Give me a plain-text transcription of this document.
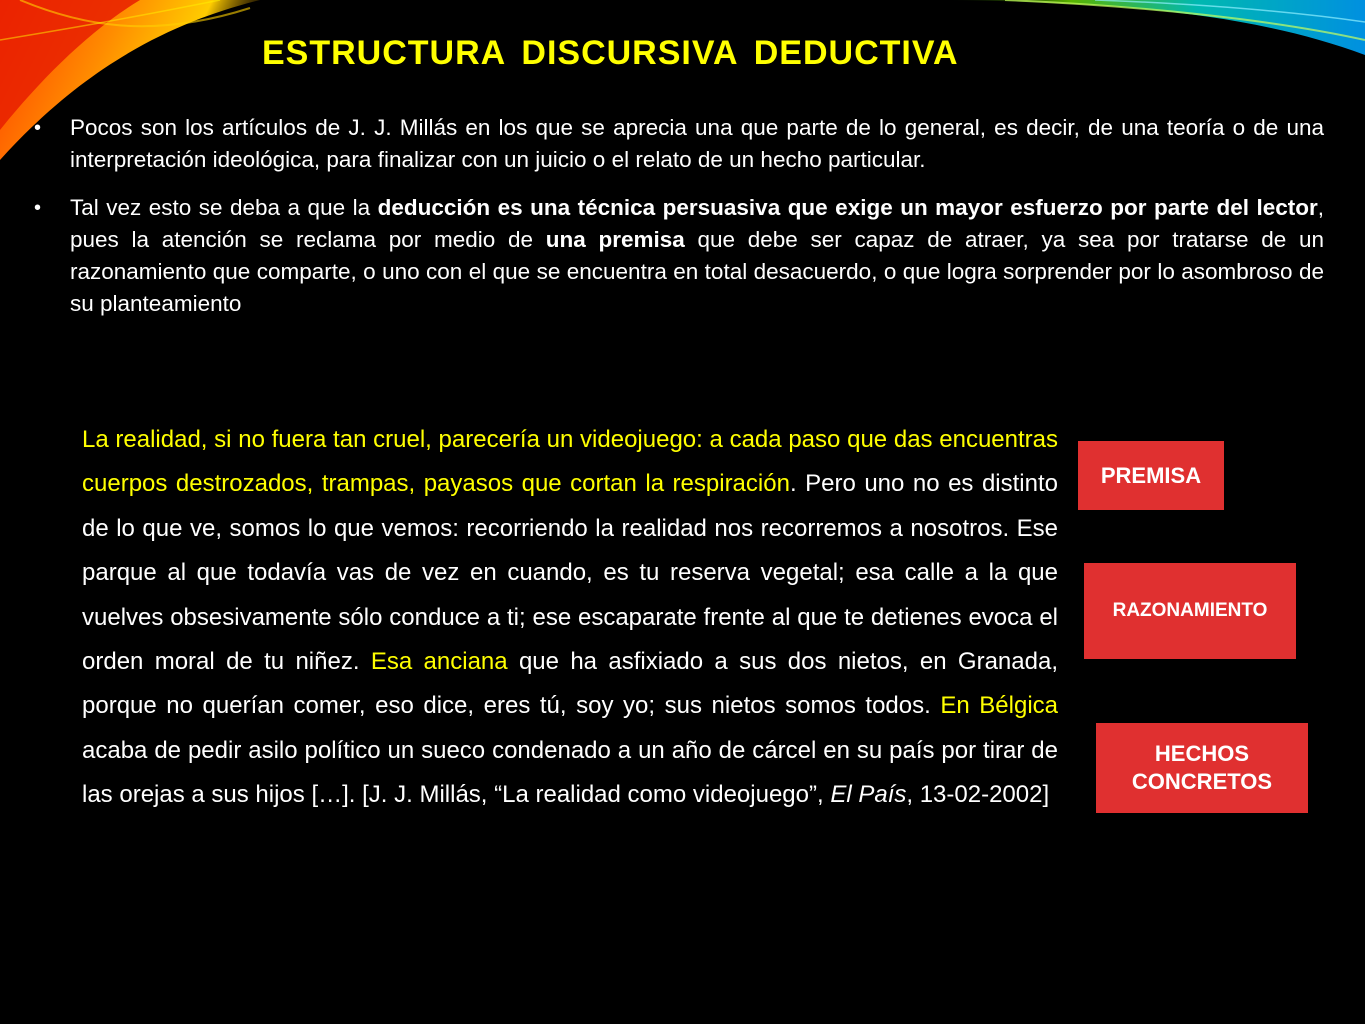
ESTRUCTURA DISCURSIVA DEDUCTIVA
• Pocos son los artículos de J. J. Millás en los que se aprecia una que parte de lo general, es decir, de una teoría o de una interpretación ideológica, para finalizar con un juicio o el relato de un hecho particular.
• Tal vez esto se deba a que la deducción es una técnica persuasiva que exige un mayor esfuerzo por parte del lector, pues la atención se reclama por medio de una premisa que debe ser capaz de atraer, ya sea por tratarse de un razonamiento que comparte, o uno con el que se encuentra en total desacuerdo, o que logra sorprender por lo asombroso de su planteamiento
La realidad, si no fuera tan cruel, parecería un videojuego: a cada paso que das encuentras cuerpos destrozados, trampas, payasos que cortan la respiración. Pero uno no es distinto de lo que ve, somos lo que vemos: recorriendo la realidad nos recorremos a nosotros. Ese parque al que todavía vas de vez en cuando, es tu reserva vegetal; esa calle a la que vuelves obsesivamente sólo conduce a ti; ese escaparate frente al que te detienes evoca el orden moral de tu niñez. Esa anciana que ha asfixiado a sus dos nietos, en Granada, porque no querían comer, eso dice, eres tú, soy yo; sus nietos somos todos. En Bélgica acaba de pedir asilo político un sueco condenado a un año de cárcel en su país por tirar de las orejas a sus hijos […]. [J. J. Millás, “La realidad como videojuego”, El País, 13-02-2002]
PREMISA
RAZONAMIENTO
HECHOS
CONCRETOS
